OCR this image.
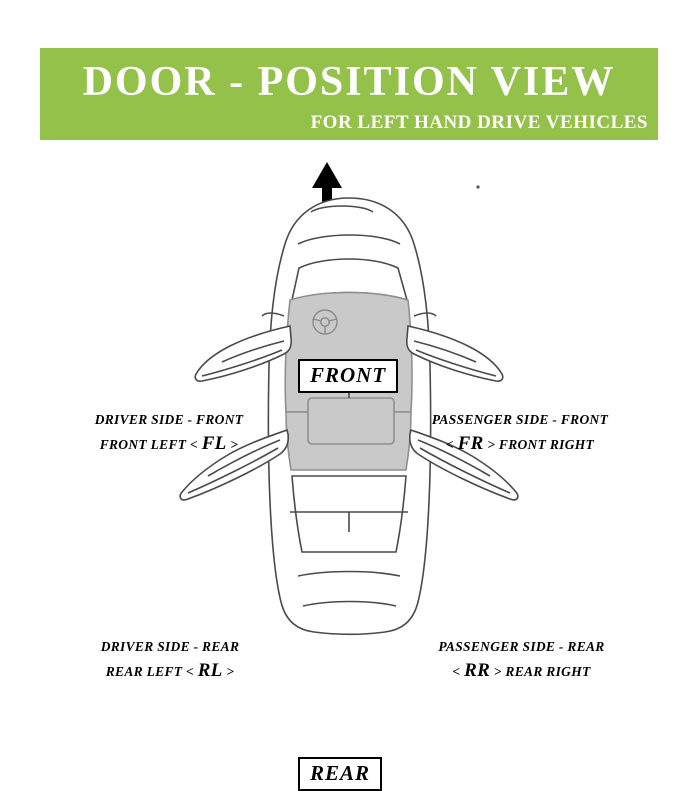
DOOR - POSITION VIEW
FOR LEFT HAND DRIVE VEHICLES
FRONT
REAR
DRIVER SIDE - FRONT
FRONT LEFT < FL >
PASSENGER SIDE - FRONT
< FR > FRONT RIGHT
DRIVER SIDE - REAR
REAR LEFT < RL >
PASSENGER SIDE - REAR
< RR > REAR RIGHT
